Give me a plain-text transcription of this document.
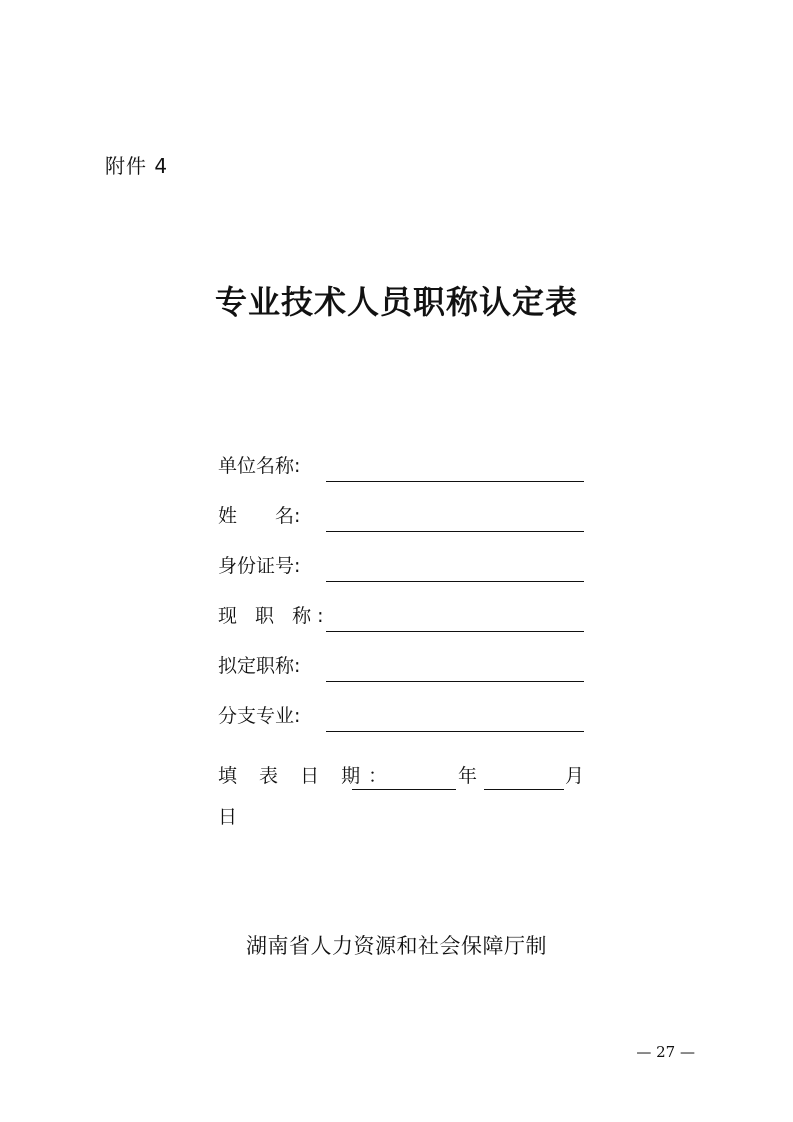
附件 4
专业技术人员职称认定表
单位名称:
姓　　名:
身份证号:
现 职 称:
拟定职称:
分支专业:
填 表 日 期：	年	月
日
湖南省人力资源和社会保障厅制
— 27 —
